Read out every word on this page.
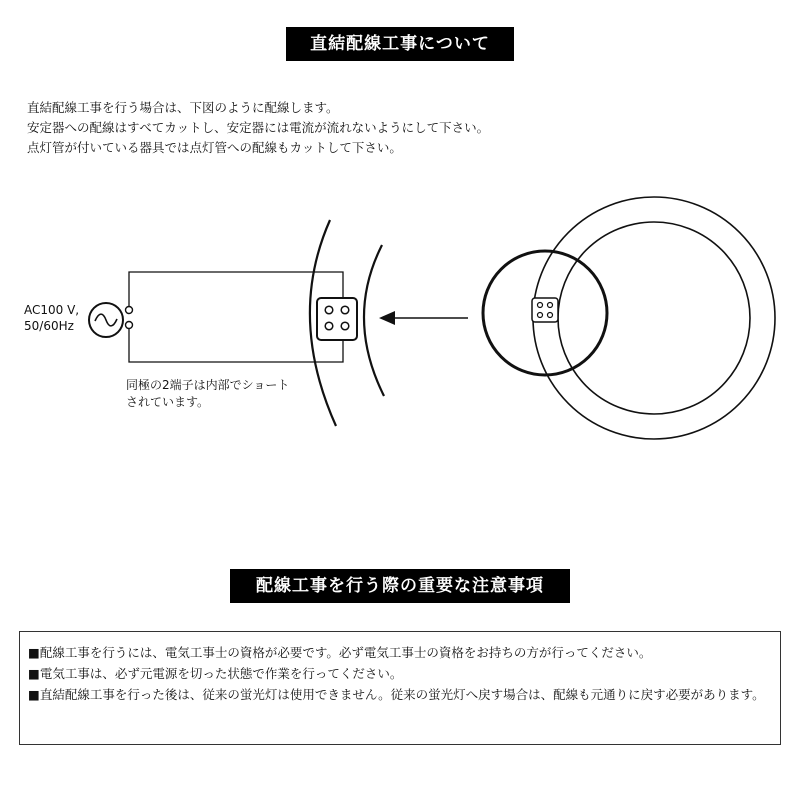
直結配線工事について
直結配線工事を行う場合は、下図のように配線します。
安定器への配線はすべてカットし、安定器には電流が流れないようにして下さい。
点灯管が付いている器具では点灯管への配線もカットして下さい。
AC100 V,
50/60Hz
同極の2端子は内部でショート
されています。
配線工事を行う際の重要な注意事項
■ 配線工事を行うには、電気工事士の資格が必要です。必ず電気工事士の資格をお持ちの方が行ってください。
■ 電気工事は、必ず元電源を切った状態で作業を行ってください。
■ 直結配線工事を行った後は、従来の蛍光灯は使用できません。従来の蛍光灯へ戻す場合は、配線も元通りに戻す必要があります。
